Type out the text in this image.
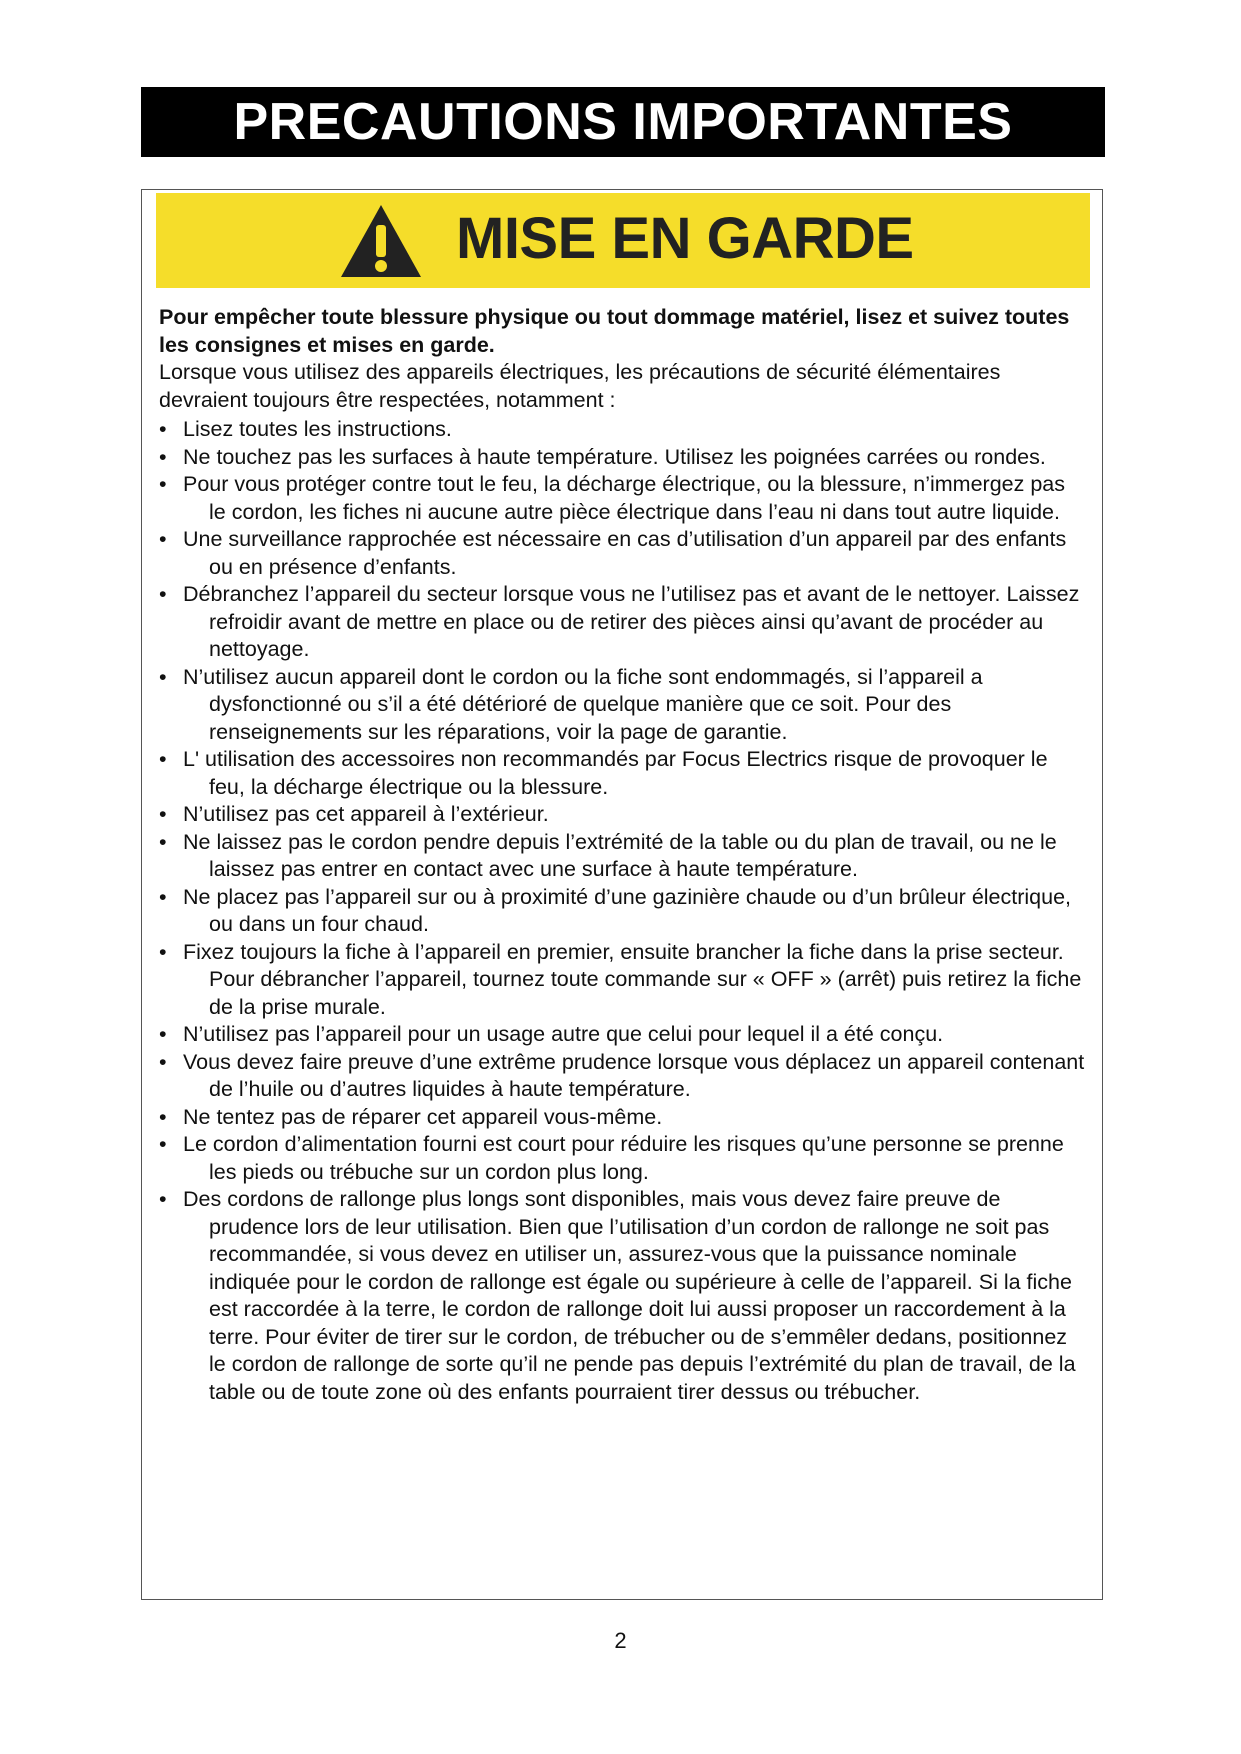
PRECAUTIONS IMPORTANTES
MISE EN GARDE

Pour empêcher toute blessure physique ou tout dommage matériel, lisez et suivez toutes les consignes et mises en garde.

Lorsque vous utilisez des appareils électriques, les précautions de sécurité élémentaires devraient toujours être respectées, notamment :

• Lisez toutes les instructions.
• Ne touchez pas les surfaces à haute température. Utilisez les poignées carrées ou rondes.
• Pour vous protéger contre tout le feu, la décharge électrique, ou la blessure, n’immergez pas le cordon, les fiches ni aucune autre pièce électrique dans l’eau ni dans tout autre liquide.
• Une surveillance rapprochée est nécessaire en cas d’utilisation d’un appareil par des enfants ou en présence d’enfants.
• Débranchez l’appareil du secteur lorsque vous ne l’utilisez pas et avant de le nettoyer. Laissez refroidir avant de mettre en place ou de retirer des pièces ainsi qu’avant de procéder au nettoyage.
• N’utilisez aucun appareil dont le cordon ou la fiche sont endommagés, si l’appareil a dysfonctionné ou s’il a été détérioré de quelque manière que ce soit. Pour des renseignements sur les réparations, voir la page de garantie.
• L' utilisation des accessoires non recommandés par Focus Electrics risque de provoquer le feu, la décharge électrique ou la blessure.
• N’utilisez pas cet appareil à l’extérieur.
• Ne laissez pas le cordon pendre depuis l’extrémité de la table ou du plan de travail, ou ne le laissez pas entrer en contact avec une surface à haute température.
• Ne placez pas l’appareil sur ou à proximité d’une gazinière chaude ou d’un brûleur électrique, ou dans un four chaud.
• Fixez toujours la fiche à l’appareil en premier, ensuite brancher la fiche dans la prise secteur. Pour débrancher l’appareil, tournez toute commande sur « OFF » (arrêt) puis retirez la fiche de la prise murale.
• N’utilisez pas l’appareil pour un usage autre que celui pour lequel il a été conçu.
• Vous devez faire preuve d’une extrême prudence lorsque vous déplacez un appareil contenant de l’huile ou d’autres liquides à haute température.
• Ne tentez pas de réparer cet appareil vous-même.
• Le cordon d’alimentation fourni est court pour réduire les risques qu’une personne se prenne les pieds ou trébuche sur un cordon plus long.
• Des cordons de rallonge plus longs sont disponibles, mais vous devez faire preuve de prudence lors de leur utilisation. Bien que l’utilisation d’un cordon de rallonge ne soit pas recommandée, si vous devez en utiliser un, assurez-vous que la puissance nominale indiquée pour le cordon de rallonge est égale ou supérieure à celle de l’appareil. Si la fiche est raccordée à la terre, le cordon de rallonge doit lui aussi proposer un raccordement à la terre. Pour éviter de tirer sur le cordon, de trébucher ou de s’emmêler dedans, positionnez le cordon de rallonge de sorte qu’il ne pende pas depuis l’extrémité du plan de travail, de la table ou de toute zone où des enfants pourraient tirer dessus ou trébucher.
2
